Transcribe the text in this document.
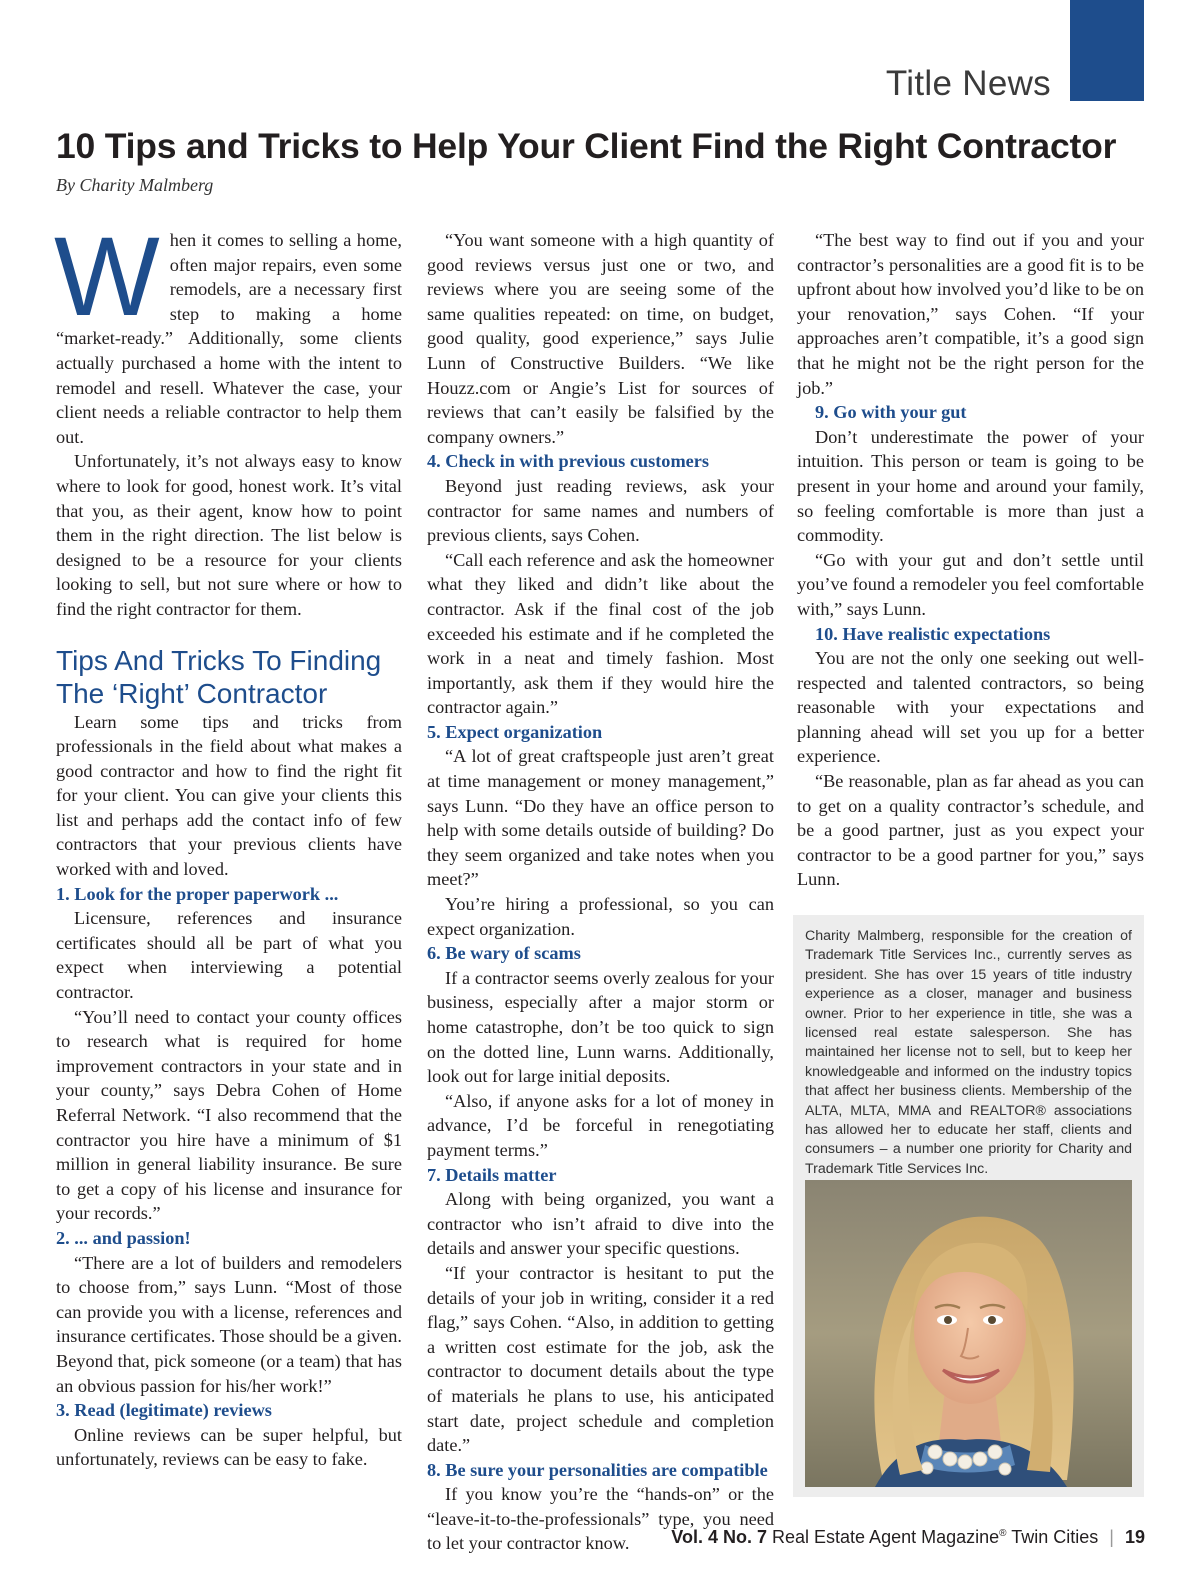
Title News
10 Tips and Tricks to Help Your Client Find the Right Contractor
By Charity Malmberg
W hen it comes to selling a home, often major repairs, even some remodels, are a necessary first step to making a home “market-ready.” Additionally, some clients actually purchased a home with the intent to remodel and resell. Whatever the case, your client needs a reliable contractor to help them out.

Unfortunately, it’s not always easy to know where to look for good, honest work. It’s vital that you, as their agent, know how to point them in the right direction. The list below is designed to be a resource for your clients looking to sell, but not sure where or how to find the right contractor for them.

Tips And Tricks To Finding The ‘Right’ Contractor

Learn some tips and tricks from professionals in the field about what makes a good contractor and how to find the right fit for your client. You can give your clients this list and perhaps add the contact info of few contractors that your previous clients have worked with and loved.

1. Look for the proper paperwork ...

Licensure, references and insurance certificates should all be part of what you expect when interviewing a potential contractor.

“You’ll need to contact your county offices to research what is required for home improvement contractors in your state and in your county,” says Debra Cohen of Home Referral Network. “I also recommend that the contractor you hire have a minimum of $1 million in general liability insurance. Be sure to get a copy of his license and insurance for your records.”

2. ... and passion!

“There are a lot of builders and remodelers to choose from,” says Lunn. “Most of those can provide you with a license, references and insurance certificates. Those should be a given. Beyond that, pick someone (or a team) that has an obvious passion for his/her work!”

3. Read (legitimate) reviews

Online reviews can be super helpful, but unfortunately, reviews can be easy to fake.

“You want someone with a high quantity of good reviews versus just one or two, and reviews where you are seeing some of the same qualities repeated: on time, on budget, good quality, good experience,” says Julie Lunn of Constructive Builders. “We like Houzz.com or Angie’s List for sources of reviews that can’t easily be falsified by the company owners.”

4. Check in with previous customers

Beyond just reading reviews, ask your contractor for same names and numbers of previous clients, says Cohen.

“Call each reference and ask the homeowner what they liked and didn’t like about the contractor. Ask if the final cost of the job exceeded his estimate and if he completed the work in a neat and timely fashion. Most importantly, ask them if they would hire the contractor again.”

5. Expect organization

“A lot of great craftspeople just aren’t great at time management or money management,” says Lunn. “Do they have an office person to help with some details outside of building? Do they seem organized and take notes when you meet?”

You’re hiring a professional, so you can expect organization.

6. Be wary of scams

If a contractor seems overly zealous for your business, especially after a major storm or home catastrophe, don’t be too quick to sign on the dotted line, Lunn warns. Additionally, look out for large initial deposits.

“Also, if anyone asks for a lot of money in advance, I’d be forceful in renegotiating payment terms.”

7. Details matter

Along with being organized, you want a contractor who isn’t afraid to dive into the details and answer your specific questions.

“If your contractor is hesitant to put the details of your job in writing, consider it a red flag,” says Cohen. “Also, in addition to getting a written cost estimate for the job, ask the contractor to document details about the type of materials he plans to use, his anticipated start date, project schedule and completion date.”

8. Be sure your personalities are compatible

If you know you’re the “hands-on” or the “leave-it-to-the-professionals” type, you need to let your contractor know.

“The best way to find out if you and your contractor’s personalities are a good fit is to be upfront about how involved you’d like to be on your renovation,” says Cohen. “If your approaches aren’t compatible, it’s a good sign that he might not be the right person for the job.”

9. Go with your gut

Don’t underestimate the power of your intuition. This person or team is going to be present in your home and around your family, so feeling comfortable is more than just a commodity.

“Go with your gut and don’t settle until you’ve found a remodeler you feel comfortable with,” says Lunn.

10. Have realistic expectations

You are not the only one seeking out well-respected and talented contractors, so being reasonable with your expectations and planning ahead will set you up for a better experience.

“Be reasonable, plan as far ahead as you can to get on a quality contractor’s schedule, and be a good partner, just as you expect your contractor to be a good partner for you,” says Lunn.

Charity Malmberg, responsible for the creation of Trademark Title Services Inc., currently serves as president. She has over 15 years of title industry experience as a closer, manager and business owner. Prior to her experience in title, she was a licensed real estate salesperson. She has maintained her license not to sell, but to keep her knowledgeable and informed on the industry topics that affect her business clients. Membership of the ALTA, MLTA, MMA and REALTOR® associations has allowed her to educate her staff, clients and consumers – a number one priority for Charity and Trademark Title Services Inc.

Vol. 4 No. 7 Real Estate Agent Magazine® Twin Cities | 19
